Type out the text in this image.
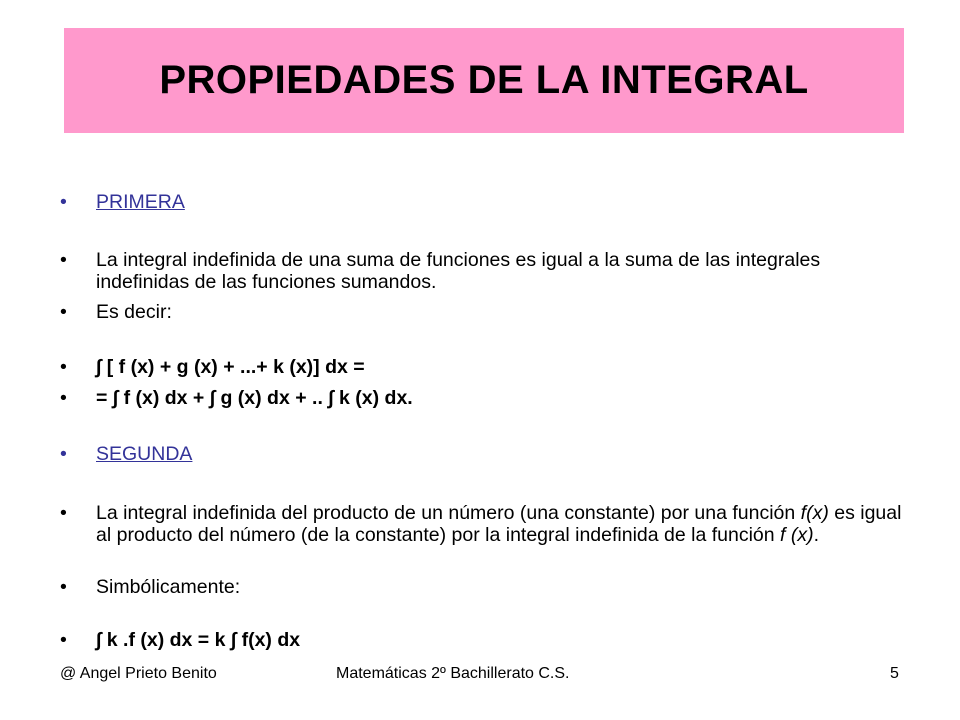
PROPIEDADES DE LA INTEGRAL
•	PRIMERA
•	La integral indefinida de una suma de funciones es igual a la suma de las integrales indefinidas de las funciones sumandos.
•	Es decir:
•	∫ [ f (x) + g (x) + ...+ k (x)] dx =
•	= ∫ f (x) dx + ∫ g (x) dx + .. ∫ k (x) dx.
•	SEGUNDA
•	La integral indefinida del producto de un número (una constante) por una función f(x) es igual al producto del número (de la constante) por la integral indefinida de la función f (x).
•	Simbólicamente:
•	∫ k .f (x) dx = k ∫ f(x) dx
@ Angel Prieto Benito	Matemáticas 2º Bachillerato C.S.	5
